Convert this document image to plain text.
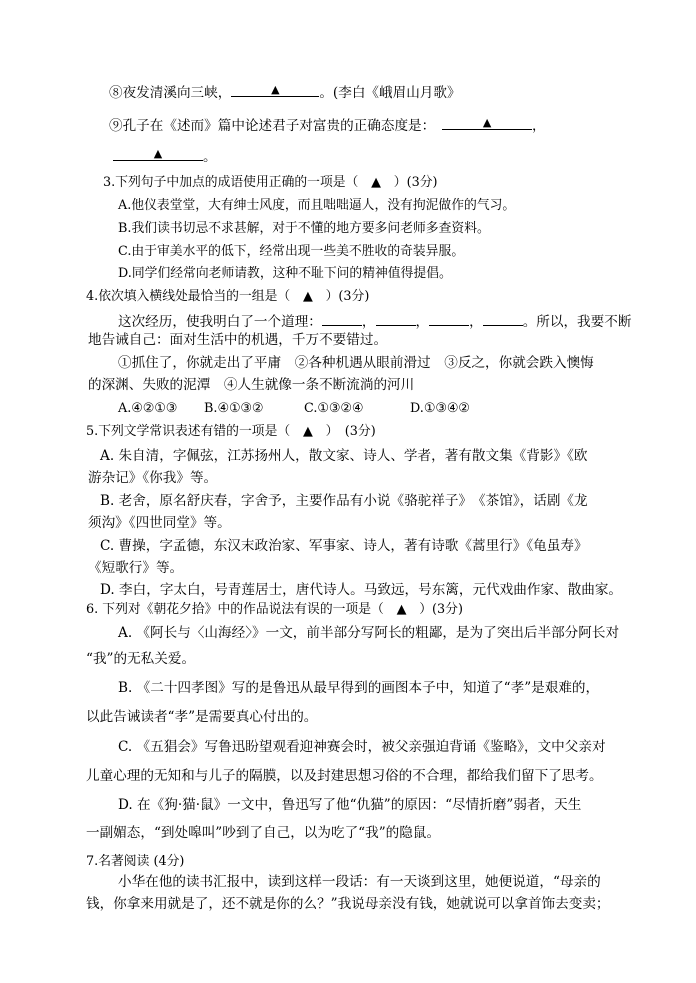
⑧夜发清溪向三峡，	▲	。(李白《峨眉山月歌》
⑨孔子在《述而》篇中论述君子对富贵的正确态度是：　	▲	，
▲	。
3.下列句子中加点的成语使用正确的一项是（　▲　）(3分)
A.他仪表堂堂，大有绅士风度，而且咄咄逼人，没有拘泥做作的气习。
B.我们读书切忌不求甚解，对于不懂的地方要多问老师多查资料。
C.由于审美水平的低下，经常出现一些美不胜收的奇装异服。
D.同学们经常向老师请教，这种不耻下问的精神值得提倡。
4.依次填入横线处最恰当的一组是（　▲　）(3分)
这次经历，使我明白了一个道理：	，	，	，	。所以，我要不断
地告诫自己：面对生活中的机遇，千万不要错过。
①抓住了，你就走出了平庸　②各种机遇从眼前滑过　③反之，你就会跌入懊悔
的深渊、失败的泥潭　④人生就像一条不断流淌的河川
A.④②①③ B.④①③②	C.①③②④	D.①③④②
5.下列文学常识表述有错的一项是（　▲　）　(3分)
A. 朱自清，字佩弦，江苏扬州人，散文家、诗人、学者，著有散文集《背影》《欧
游杂记》《你我》等。
B. 老舍，原名舒庆春，字舍予，主要作品有小说《骆驼祥子》　《茶馆》，话剧《龙
须沟》《四世同堂》等。
C. 曹操，字孟德，东汉末政治家、军事家、诗人，著有诗歌《蒿里行》《龟虽寿》
《短歌行》等。
D. 李白，字太白，号青莲居士，唐代诗人。马致远，号东篱，元代戏曲作家、散曲家。
6. 下列对《朝花夕拾》中的作品说法有误的一项是（　▲　）(3分)
A. 《阿长与〈山海经〉》一文，前半部分写阿长的粗鄙，是为了突出后半部分阿长对
“我”的无私关爱。
B. 《二十四孝图》写的是鲁迅从最早得到的画图本子中，知道了“孝”是艰难的，
以此告诫读者“孝”是需要真心付出的。
C. 《五猖会》写鲁迅盼望观看迎神赛会时，被父亲强迫背诵《鉴略》，文中父亲对
儿童心理的无知和与儿子的隔膜，以及封建思想习俗的不合理，都给我们留下了思考。
D. 在《狗·猫·鼠》一文中，鲁迅写了他“仇猫”的原因：“尽情折磨”弱者，天生
一副媚态，“到处嗥叫”吵到了自己，以为吃了“我”的隐鼠。
7.名著阅读 (4分)
小华在他的读书汇报中，读到这样一段话：有一天谈到这里，她便说道，“母亲的
钱，你拿来用就是了，还不就是你的么？”我说母亲没有钱，她就说可以拿首饰去变卖；
